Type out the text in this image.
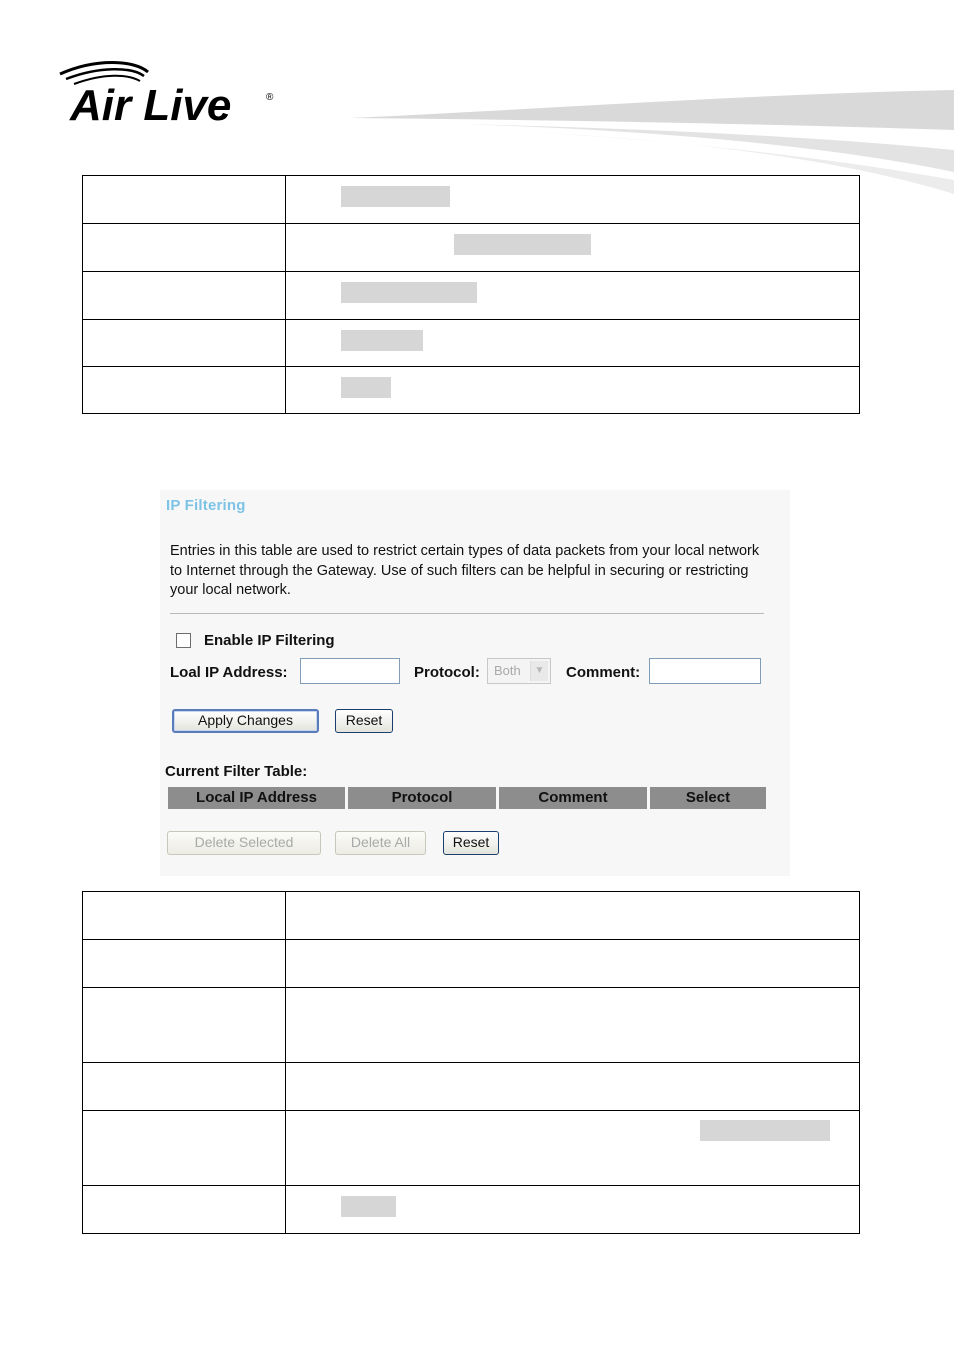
Air Live	®

IP Filtering
Entries in this table are used to restrict certain types of data packets from your local network to Internet through the Gateway. Use of such filters can be helpful in securing or restricting your local network.
Enable IP Filtering
Loal IP Address:	Protocol:	Both	▼ Comment:
Apply Changes	Reset
Current Filter Table:
Local IP Address	Protocol	Comment	Select
Delete Selected	Delete All	Reset
